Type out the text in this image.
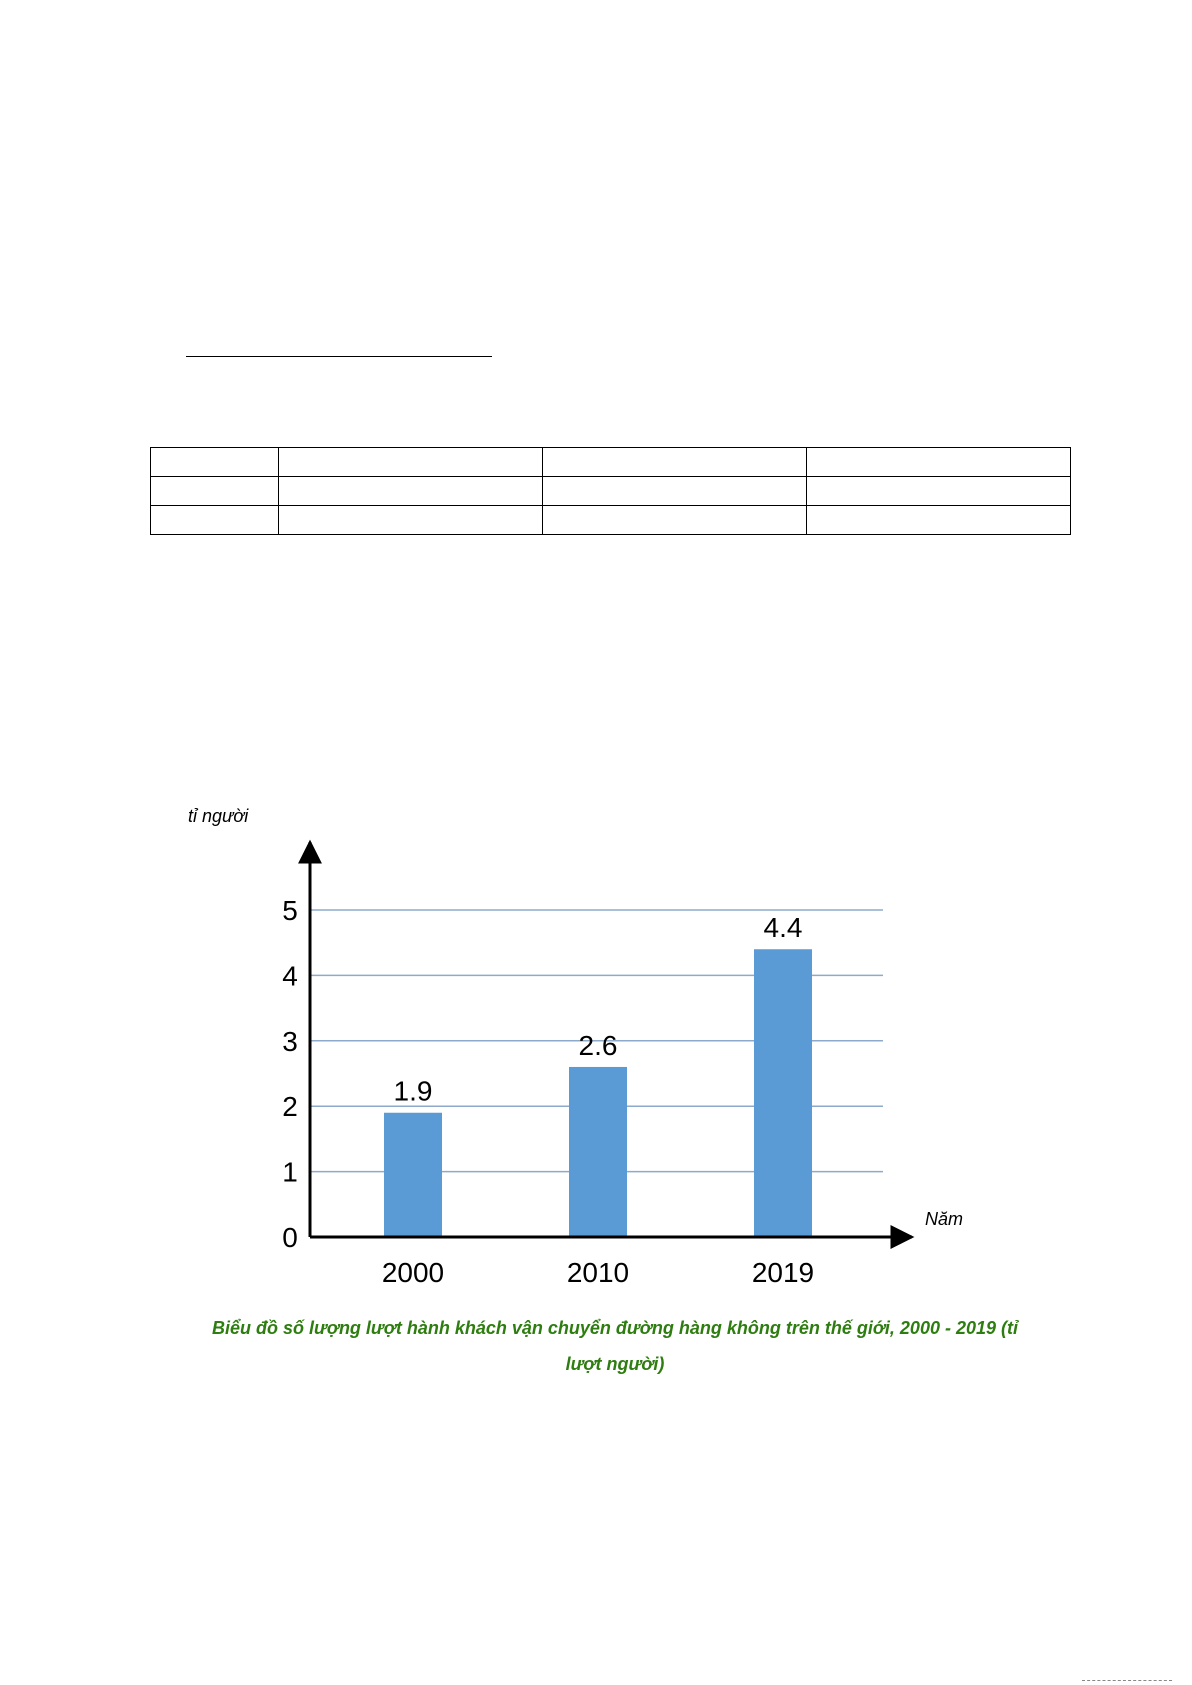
0
1
2
3
4
5
2000	2010	2019
1.9
2.6
4.4
tỉ người
Năm
Biểu đồ số lượng lượt hành khách vận chuyển đường hàng không trên thế giới, 2000 - 2019 (tỉ
lượt người)
